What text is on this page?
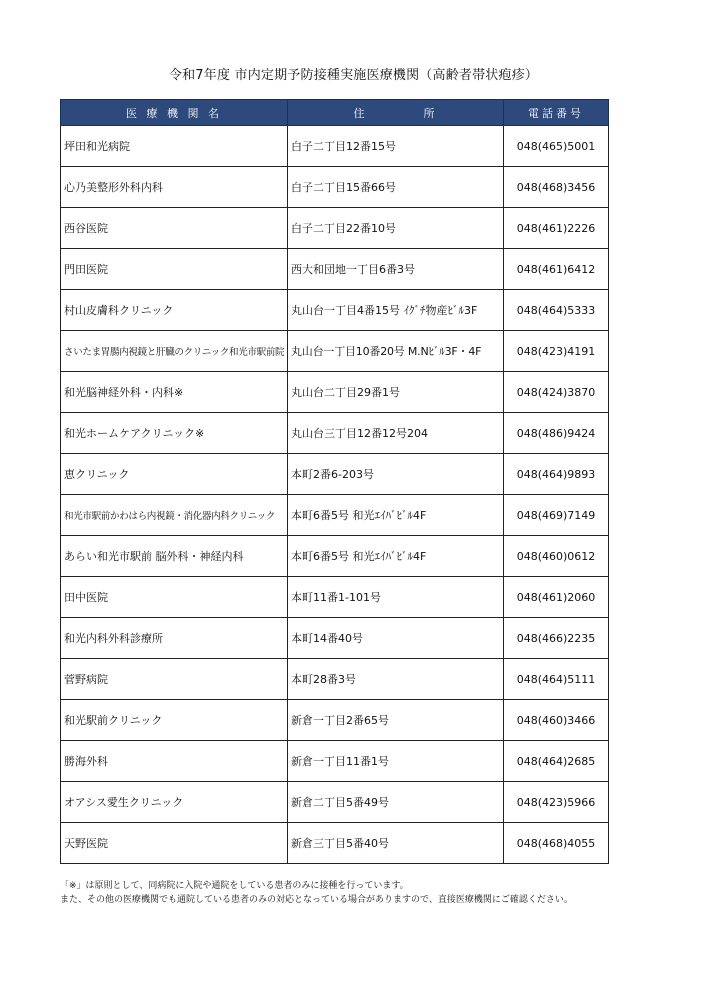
令和7年度 市内定期予防接種実施医療機関（高齢者帯状疱疹）
医 療 機 関 名	住　　　　所	電話番号
坪田和光病院	白子二丁目12番15号	048(465)5001
心乃美整形外科内科	白子二丁目15番66号	048(468)3456
西谷医院	白子二丁目22番10号	048(461)2226
門田医院	西大和団地一丁目6番3号	048(461)6412
村山皮膚科クリニック	丸山台一丁目4番15号 ｲｸﾞﾁ物産ﾋﾞﾙ3F	048(464)5333
さいたま胃腸内視鏡と肝臓のクリニック和光市駅前院	丸山台一丁目10番20号 M.Nﾋﾞﾙ3F・4F	048(423)4191
和光脳神経外科・内科※	丸山台二丁目29番1号	048(424)3870
和光ホームケアクリニック※	丸山台三丁目12番12号204	048(486)9424
恵クリニック	本町2番6-203号	048(464)9893
和光市駅前かわはら内視鏡・消化器内科クリニック	本町6番5号 和光ｴｲﾊﾞﾋﾞﾙ4F	048(469)7149
あらい和光市駅前 脳外科・神経内科	本町6番5号 和光ｴｲﾊﾞﾋﾞﾙ4F	048(460)0612
田中医院	本町11番1-101号	048(461)2060
和光内科外科診療所	本町14番40号	048(466)2235
菅野病院	本町28番3号	048(464)5111
和光駅前クリニック	新倉一丁目2番65号	048(460)3466
勝海外科	新倉一丁目11番1号	048(464)2685
オアシス愛生クリニック	新倉二丁目5番49号	048(423)5966
天野医院	新倉三丁目5番40号	048(468)4055
「※」は原則として、同病院に入院や通院をしている患者のみに接種を行っています。
また、その他の医療機関でも通院している患者のみの対応となっている場合がありますので、直接医療機関にご確認ください。
